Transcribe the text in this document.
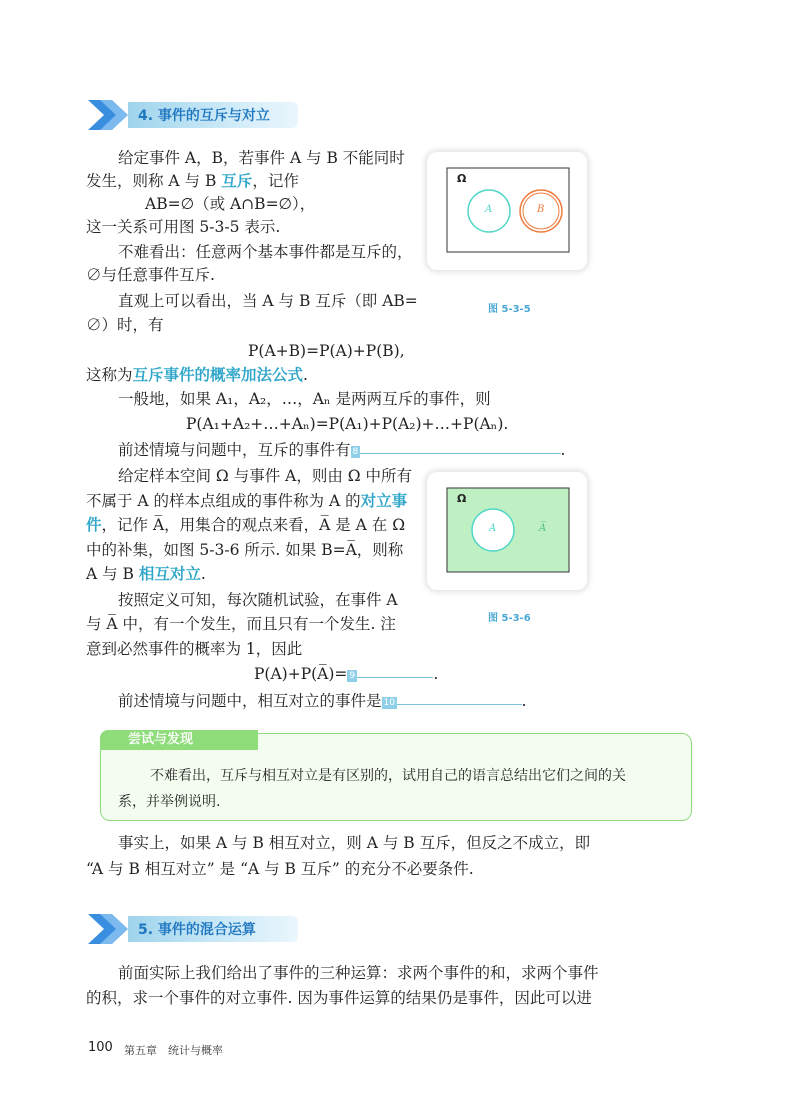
4. 事件的互斥与对立
给定事件 A，B，若事件 A 与 B 不能同时
发生，则称 A 与 B 互斥，记作
AB=∅（或 A∩B=∅），
这一关系可用图 5-3-5 表示.
不难看出：任意两个基本事件都是互斥的，
∅与任意事件互斥.
直观上可以看出，当 A 与 B 互斥（即 AB=
∅）时，有
P(A+B)=P(A)+P(B),
这称为互斥事件的概率加法公式.
一般地，如果 A₁，A₂，…，Aₙ 是两两互斥的事件，则
P(A₁+A₂+…+Aₙ)=P(A₁)+P(A₂)+…+P(Aₙ).
前述情境与问题中，互斥的事件有 8	.
Ω
A	B
图 5-3-5
给定样本空间 Ω 与事件 A，则由 Ω 中所有
不属于 A 的样本点组成的事件称为 A 的对立事
件，记作 A̅，用集合的观点来看，A̅ 是 A 在 Ω
中的补集，如图 5-3-6 所示. 如果 B=A̅，则称
A 与 B 相互对立.
按照定义可知，每次随机试验，在事件 A
与 A̅ 中，有一个发生，而且只有一个发生. 注
意到必然事件的概率为 1，因此
P(A)+P(A̅)= 9	.
前述情境与问题中，相互对立的事件是 10	.
Ω
A	A̅
图 5-3-6
尝试与发现
不难看出，互斥与相互对立是有区别的，试用自己的语言总结出它们之间的关
系，并举例说明.
事实上，如果 A 与 B 相互对立，则 A 与 B 互斥，但反之不成立，即
“A 与 B 相互对立” 是 “A 与 B 互斥” 的充分不必要条件.
5. 事件的混合运算
前面实际上我们给出了事件的三种运算：求两个事件的和，求两个事件
的积，求一个事件的对立事件. 因为事件运算的结果仍是事件，因此可以进
100 第五章　统计与概率
